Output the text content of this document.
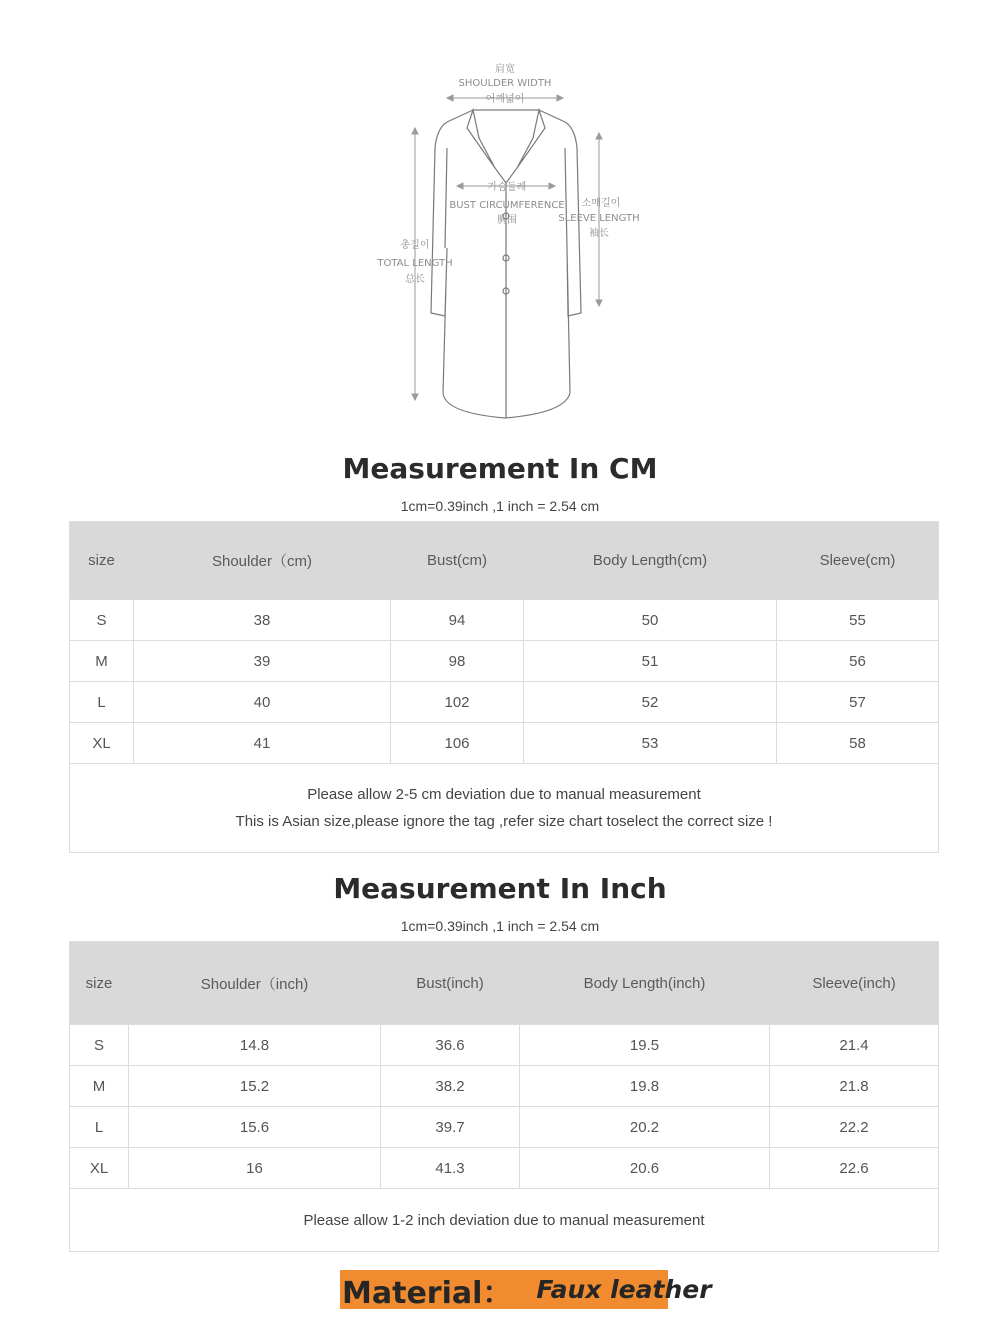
肩宽
SHOULDER WIDTH
어깨넓이
가슴둘레
BUST CIRCUMFERENCE
胸围
소매길이
SLEEVE LENGTH
袖长
총길이
TOTAL LENGTH
总长
Measurement In CM
1cm=0.39inch ,1 inch = 2.54 cm
size	Shoulder（cm)	Bust(cm)	Body Length(cm)	Sleeve(cm)
S	38	94	50	55
M	39	98	51	56
L	40	102	52	57
XL	41	106	53	58

Please allow 2-5 cm deviation due to manual measurement
This is Asian size,please ignore the tag ,refer size chart toselect the correct size !				
Measurement In Inch
1cm=0.39inch ,1 inch = 2.54 cm
size	Shoulder（inch)	Bust(inch)	Body Length(inch)	Sleeve(inch)
S	14.8	36.6	19.5	21.4
M	15.2	38.2	19.8	21.8
L	15.6	39.7	20.2	22.2
XL	16	41.3	20.6	22.6
Please allow 1-2 inch deviation due to manual measurement				
Material： Faux leather
